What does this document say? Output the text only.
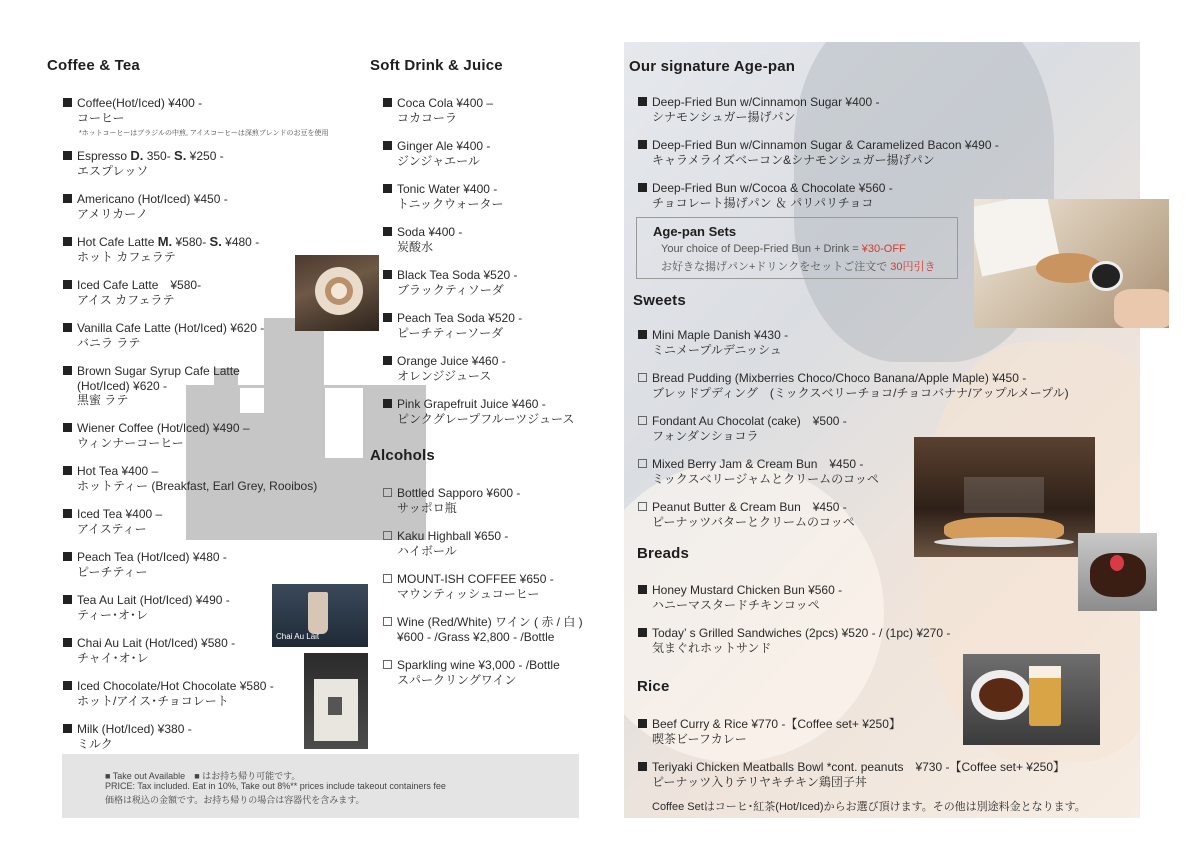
Coffee & Tea
Coffee(Hot/Iced) ¥400 -
コーヒー
*ホットコーヒーはブラジルの中煎, アイスコーヒーは深煎ブレンドのお豆を使用
Espresso D. 350- S. ¥250 -
エスプレッソ
Americano (Hot/Iced) ¥450 -
アメリカーノ
Hot Cafe Latte M. ¥580- S. ¥480 -
ホット カフェラテ
Iced Cafe Latte　¥580-
アイス カフェラテ
Vanilla Cafe Latte (Hot/Iced) ¥620 -
バニラ ラテ
Brown Sugar Syrup Cafe Latte
(Hot/Iced) ¥620 -
黒蜜 ラテ
Wiener Coffee (Hot/Iced) ¥490 –
ウィンナーコーヒー
Hot Tea ¥400 –
ホットティー (Breakfast, Earl Grey, Rooibos)
Iced Tea ¥400 –
アイスティー
Peach Tea (Hot/Iced) ¥480 -
ピーチティー
Tea Au Lait (Hot/Iced) ¥490 -
ティー･オ･レ
Chai Au Lait (Hot/Iced) ¥580 -
チャイ･オ･レ
Iced Chocolate/Hot Chocolate ¥580 -
ホット/アイス･チョコレート
Milk (Hot/Iced) ¥380 -
ミルク
Chai Au Lait
Soft Drink & Juice
Coca Cola ¥400 –
コカコーラ
Ginger Ale ¥400 -
ジンジャエール
Tonic Water ¥400 -
トニックウォーター
Soda ¥400 -
炭酸水
Black Tea Soda ¥520 -
ブラックティソーダ
Peach Tea Soda ¥520 -
ピーチティーソーダ
Orange Juice ¥460 -
オレンジジュース
Pink Grapefruit Juice ¥460 -
ピンクグレープフルーツジュース
Alcohols
Bottled Sapporo ¥600 -
サッポロ瓶
Kaku Highball ¥650 -
ハイボール
MOUNT-ISH COFFEE ¥650 -
マウンティッシュコーヒー
Wine (Red/White) ワイン ( 赤 / 白 )
¥600 - /Grass ¥2,800 - /Bottle
Sparkling wine ¥3,000 - /Bottle
スパークリングワイン
■ Take out Available　 ■ はお持ち帰り可能です。
PRICE: Tax included. Eat in 10%, Take out 8%** prices include takeout containers fee
価格は税込の金額です。お持ち帰りの場合は容器代を含みます。
Our signature Age-pan
Deep-Fried Bun w/Cinnamon Sugar ¥400 -
シナモンシュガー揚げパン
Deep-Fried Bun w/Cinnamon Sugar & Caramelized Bacon ¥490 -
キャラメライズベーコン&シナモンシュガー揚げパン
Deep-Fried Bun w/Cocoa & Chocolate ¥560 -
チョコレート揚げパン ＆ パリパリチョコ
Age-pan Sets
Your choice of Deep-Fried Bun + Drink = ¥30-OFF
お好きな揚げパン+ドリンクをセットご注文で 30円引き
Sweets
Mini Maple Danish ¥430 -
ミニメープルデニッシュ
Bread Pudding (Mixberries Choco/Choco Banana/Apple Maple) ¥450 -
ブレッドプディング　(ミックスベリーチョコ/チョコバナナ/アップルメープル)
Fondant Au Chocolat (cake)　¥500 -
フォンダンショコラ
Mixed Berry Jam & Cream Bun　¥450 -
ミックスベリージャムとクリームのコッペ
Peanut Butter & Cream Bun　¥450 -
ピーナッツバターとクリームのコッペ
Breads
Honey Mustard Chicken Bun ¥560 -
ハニーマスタードチキンコッペ
Today’ s Grilled Sandwiches (2pcs) ¥520 - / (1pc) ¥270 -
気まぐれホットサンド
Rice
Beef Curry & Rice ¥770 -【Coffee set+ ¥250】
喫茶ビーフカレー
Teriyaki Chicken Meatballs Bowl *cont. peanuts　¥730 -【Coffee set+ ¥250】
ピーナッツ入りテリヤキチキン鶏団子丼
Coffee Setはコーヒ･紅茶(Hot/Iced)からお選び頂けます。その他は別途料金となります。
